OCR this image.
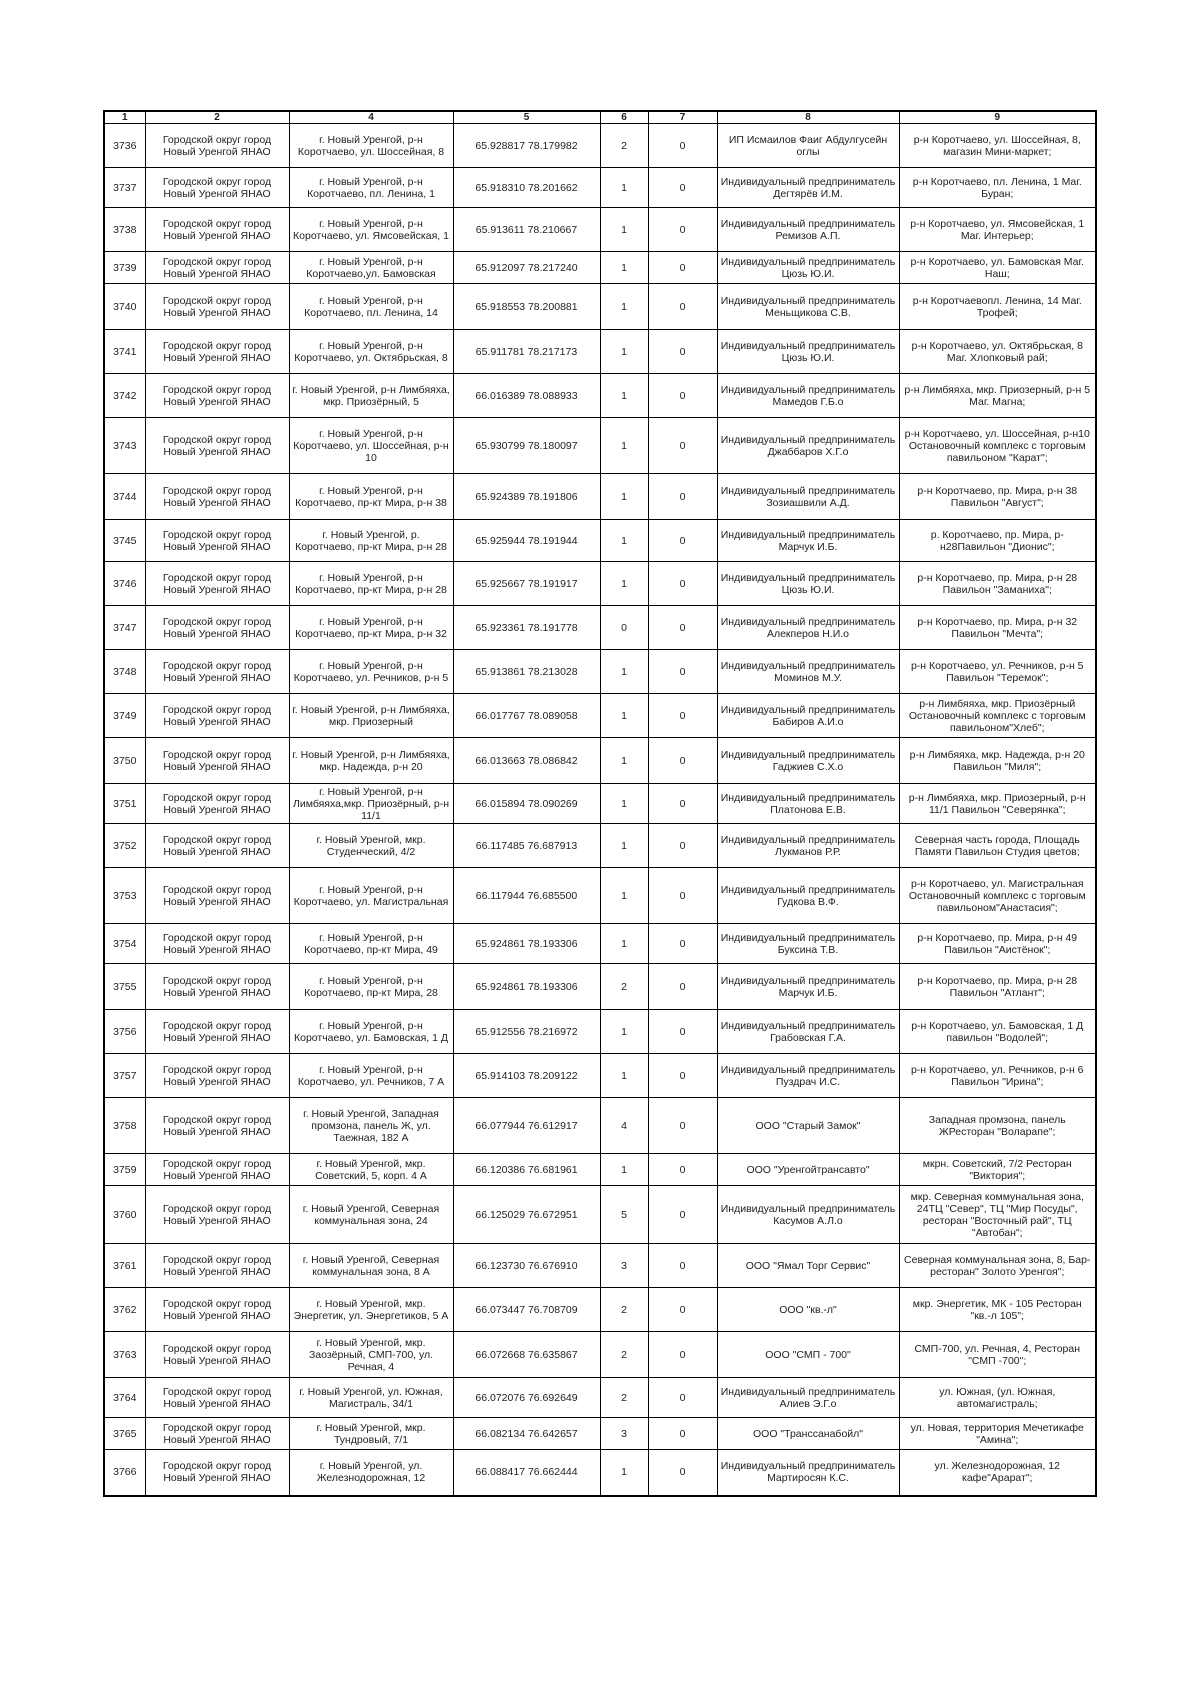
1	2	4	5	6	7	8	9
3736	Городской округ город Новый Уренгой ЯНАО	г. Новый Уренгой, р-н Коротчаево, ул. Шоссейная, 8	65.928817 78.179982	2	0	ИП Исмаилов Фаиг Абдулгусейн оглы	р-н Коротчаево, ул. Шоссейная, 8, магазин Мини-маркет;
3737	Городской округ город Новый Уренгой ЯНАО	г. Новый Уренгой, р-н Коротчаево, пл. Ленина, 1	65.918310 78.201662	1	0	Индивидуальный предприниматель Дегтярёв И.М.	р-н Коротчаево, пл. Ленина, 1 Маг. Буран;
3738	Городской округ город Новый Уренгой ЯНАО	г. Новый Уренгой, р-н Коротчаево, ул. Ямсовейская, 1	65.913611 78.210667	1	0	Индивидуальный предприниматель Ремизов А.П.	р-н Коротчаево, ул. Ямсовейская, 1 Маг. Интерьер;
3739	Городской округ город Новый Уренгой ЯНАО	г. Новый Уренгой, р-н Коротчаево,ул. Бамовская	65.912097 78.217240	1	0	Индивидуальный предприниматель Цюзь Ю.И.	р-н Коротчаево, ул. Бамовская Маг. Наш;
3740	Городской округ город Новый Уренгой ЯНАО	г. Новый Уренгой, р-н Коротчаево, пл. Ленина, 14	65.918553 78.200881	1	0	Индивидуальный предприниматель Меньщикова С.В.	р-н Коротчаевопл. Ленина, 14 Маг. Трофей;
3741	Городской округ город Новый Уренгой ЯНАО	г. Новый Уренгой, р-н Коротчаево, ул. Октябрьская, 8	65.911781 78.217173	1	0	Индивидуальный предприниматель Цюзь Ю.И.	р-н Коротчаево, ул. Октябрьская, 8 Маг. Хлопковый рай;
3742	Городской округ город Новый Уренгой ЯНАО	г. Новый Уренгой, р-н Лимбяяха, мкр. Приозёрный, 5	66.016389 78.088933	1	0	Индивидуальный предприниматель Мамедов Г.Б.о	р-н Лимбяяха, мкр. Приозерный, р-н 5 Маг. Магна;
3743	Городской округ город Новый Уренгой ЯНАО	г. Новый Уренгой, р-н Коротчаево, ул. Шоссейная, р-н 10	65.930799 78.180097	1	0	Индивидуальный предприниматель Джаббаров Х.Г.о	р-н Коротчаево, ул. Шоссейная, р-н10 Остановочный комплекс с торговым павильоном "Карат";
3744	Городской округ город Новый Уренгой ЯНАО	г. Новый Уренгой, р-н Коротчаево, пр-кт Мира, р-н 38	65.924389 78.191806	1	0	Индивидуальный предприниматель Зозиашвили А.Д.	р-н Коротчаево, пр. Мира, р-н 38 Павильон "Август";
3745	Городской округ город Новый Уренгой ЯНАО	г. Новый Уренгой, р. Коротчаево, пр-кт Мира, р-н 28	65.925944 78.191944	1	0	Индивидуальный предприниматель Марчук И.Б.	р. Коротчаево, пр. Мира, р-н28Павильон "Дионис";
3746	Городской округ город Новый Уренгой ЯНАО	г. Новый Уренгой, р-н Коротчаево, пр-кт Мира, р-н 28	65.925667 78.191917	1	0	Индивидуальный предприниматель Цюзь Ю.И.	р-н Коротчаево, пр. Мира, р-н 28 Павильон "Заманиха";
3747	Городской округ город Новый Уренгой ЯНАО	г. Новый Уренгой, р-н Коротчаево, пр-кт Мира, р-н 32	65.923361 78.191778	0	0	Индивидуальный предприниматель Алекперов Н.И.о	р-н Коротчаево, пр. Мира, р-н 32 Павильон "Мечта";
3748	Городской округ город Новый Уренгой ЯНАО	г. Новый Уренгой, р-н Коротчаево, ул. Речников, р-н 5	65.913861 78.213028	1	0	Индивидуальный предприниматель Моминов М.У.	р-н Коротчаево, ул. Речников, р-н 5 Павильон "Теремок";
3749	Городской округ город Новый Уренгой ЯНАО	г. Новый Уренгой, р-н Лимбяяха, мкр. Приозерный	66.017767 78.089058	1	0	Индивидуальный предприниматель Бабиров А.И.о	р-н Лимбяяха, мкр. Приозёрный Остановочный комплекс с торговым павильоном"Хлеб";
3750	Городской округ город Новый Уренгой ЯНАО	г. Новый Уренгой, р-н Лимбяяха, мкр. Надежда, р-н 20	66.013663 78.086842	1	0	Индивидуальный предприниматель Гаджиев С.Х.о	р-н Лимбяяха, мкр. Надежда, р-н 20 Павильон "Миля";
3751	Городской округ город Новый Уренгой ЯНАО	г. Новый Уренгой, р-н Лимбяяха,мкр. Приозёрный, р-н 11/1	66.015894 78.090269	1	0	Индивидуальный предприниматель Платонова Е.В.	р-н Лимбяяха, мкр. Приозерный, р-н 11/1 Павильон "Северянка";
3752	Городской округ город Новый Уренгой ЯНАО	г. Новый Уренгой, мкр. Студенческий, 4/2	66.117485 76.687913	1	0	Индивидуальный предприниматель Лукманов Р.Р.	Северная часть города, Площадь Памяти Павильон Студия цветов;
3753	Городской округ город Новый Уренгой ЯНАО	г. Новый Уренгой, р-н Коротчаево, ул. Магистральная	66.117944 76.685500	1	0	Индивидуальный предприниматель Гудкова В.Ф.	р-н Коротчаево, ул. Магистральная Остановочный комплекс с торговым павильоном"Анастасия";
3754	Городской округ город Новый Уренгой ЯНАО	г. Новый Уренгой, р-н Коротчаево, пр-кт Мира, 49	65.924861 78.193306	1	0	Индивидуальный предприниматель Буксина Т.В.	р-н Коротчаево, пр. Мира, р-н 49 Павильон "Аистёнок";
3755	Городской округ город Новый Уренгой ЯНАО	г. Новый Уренгой, р-н Коротчаево, пр-кт Мира, 28	65.924861 78.193306	2	0	Индивидуальный предприниматель Марчук И.Б.	р-н Коротчаево, пр. Мира, р-н 28 Павильон "Атлант";
3756	Городской округ город Новый Уренгой ЯНАО	г. Новый Уренгой, р-н Коротчаево, ул. Бамовская, 1 Д	65.912556 78.216972	1	0	Индивидуальный предприниматель Грабовская Г.А.	р-н Коротчаево, ул. Бамовская, 1 Д павильон "Водолей";
3757	Городской округ город Новый Уренгой ЯНАО	г. Новый Уренгой, р-н Коротчаево, ул. Речников, 7 А	65.914103 78.209122	1	0	Индивидуальный предприниматель Пуздрач И.С.	р-н Коротчаево, ул. Речников, р-н 6 Павильон "Ирина";
3758	Городской округ город Новый Уренгой ЯНАО	г. Новый Уренгой, Западная промзона, панель Ж, ул. Таежная, 182 А	66.077944 76.612917	4	0	ООО "Старый Замок"	Западная промзона, панель ЖРесторан "Воларапе";
3759	Городской округ город Новый Уренгой ЯНАО	г. Новый Уренгой, мкр. Советский, 5, корп. 4 А	66.120386 76.681961	1	0	ООО "Уренгойтрансавто"	мкрн. Советский, 7/2 Ресторан "Виктория";
3760	Городской округ город Новый Уренгой ЯНАО	г. Новый Уренгой, Северная коммунальная зона, 24	66.125029 76.672951	5	0	Индивидуальный предприниматель Касумов А.Л.о	мкр. Северная коммунальная зона, 24ТЦ "Север", ТЦ "Мир Посуды", ресторан "Восточный рай", ТЦ "Автобан";
3761	Городской округ город Новый Уренгой ЯНАО	г. Новый Уренгой, Северная коммунальная зона, 8 А	66.123730 76.676910	3	0	ООО "Ямал Торг Сервис"	Северная коммунальная зона, 8, Бар-ресторан" Золото Уренгоя";
3762	Городской округ город Новый Уренгой ЯНАО	г. Новый Уренгой, мкр. Энергетик, ул. Энергетиков, 5 А	66.073447 76.708709	2	0	ООО "кв.-л"	мкр. Энергетик, МК - 105 Ресторан "кв.-л 105";
3763	Городской округ город Новый Уренгой ЯНАО	г. Новый Уренгой, мкр. Заозёрный, СМП-700, ул. Речная, 4	66.072668 76.635867	2	0	ООО "СМП - 700"	СМП-700, ул. Речная, 4, Ресторан "СМП -700";
3764	Городской округ город Новый Уренгой ЯНАО	г. Новый Уренгой, ул. Южная, Магистраль, 34/1	66.072076 76.692649	2	0	Индивидуальный предприниматель Алиев Э.Г.о	ул. Южная, (ул. Южная, автомагистраль;
3765	Городской округ город Новый Уренгой ЯНАО	г. Новый Уренгой, мкр. Тундровый, 7/1	66.082134 76.642657	3	0	ООО "Транссанабойл"	ул. Новая, территория Мечетикафе "Амина";
3766	Городской округ город Новый Уренгой ЯНАО	г. Новый Уренгой, ул. Железнодорожная, 12	66.088417 76.662444	1	0	Индивидуальный предприниматель Мартиросян К.С.	ул. Железнодорожная, 12 кафе"Арарат";
